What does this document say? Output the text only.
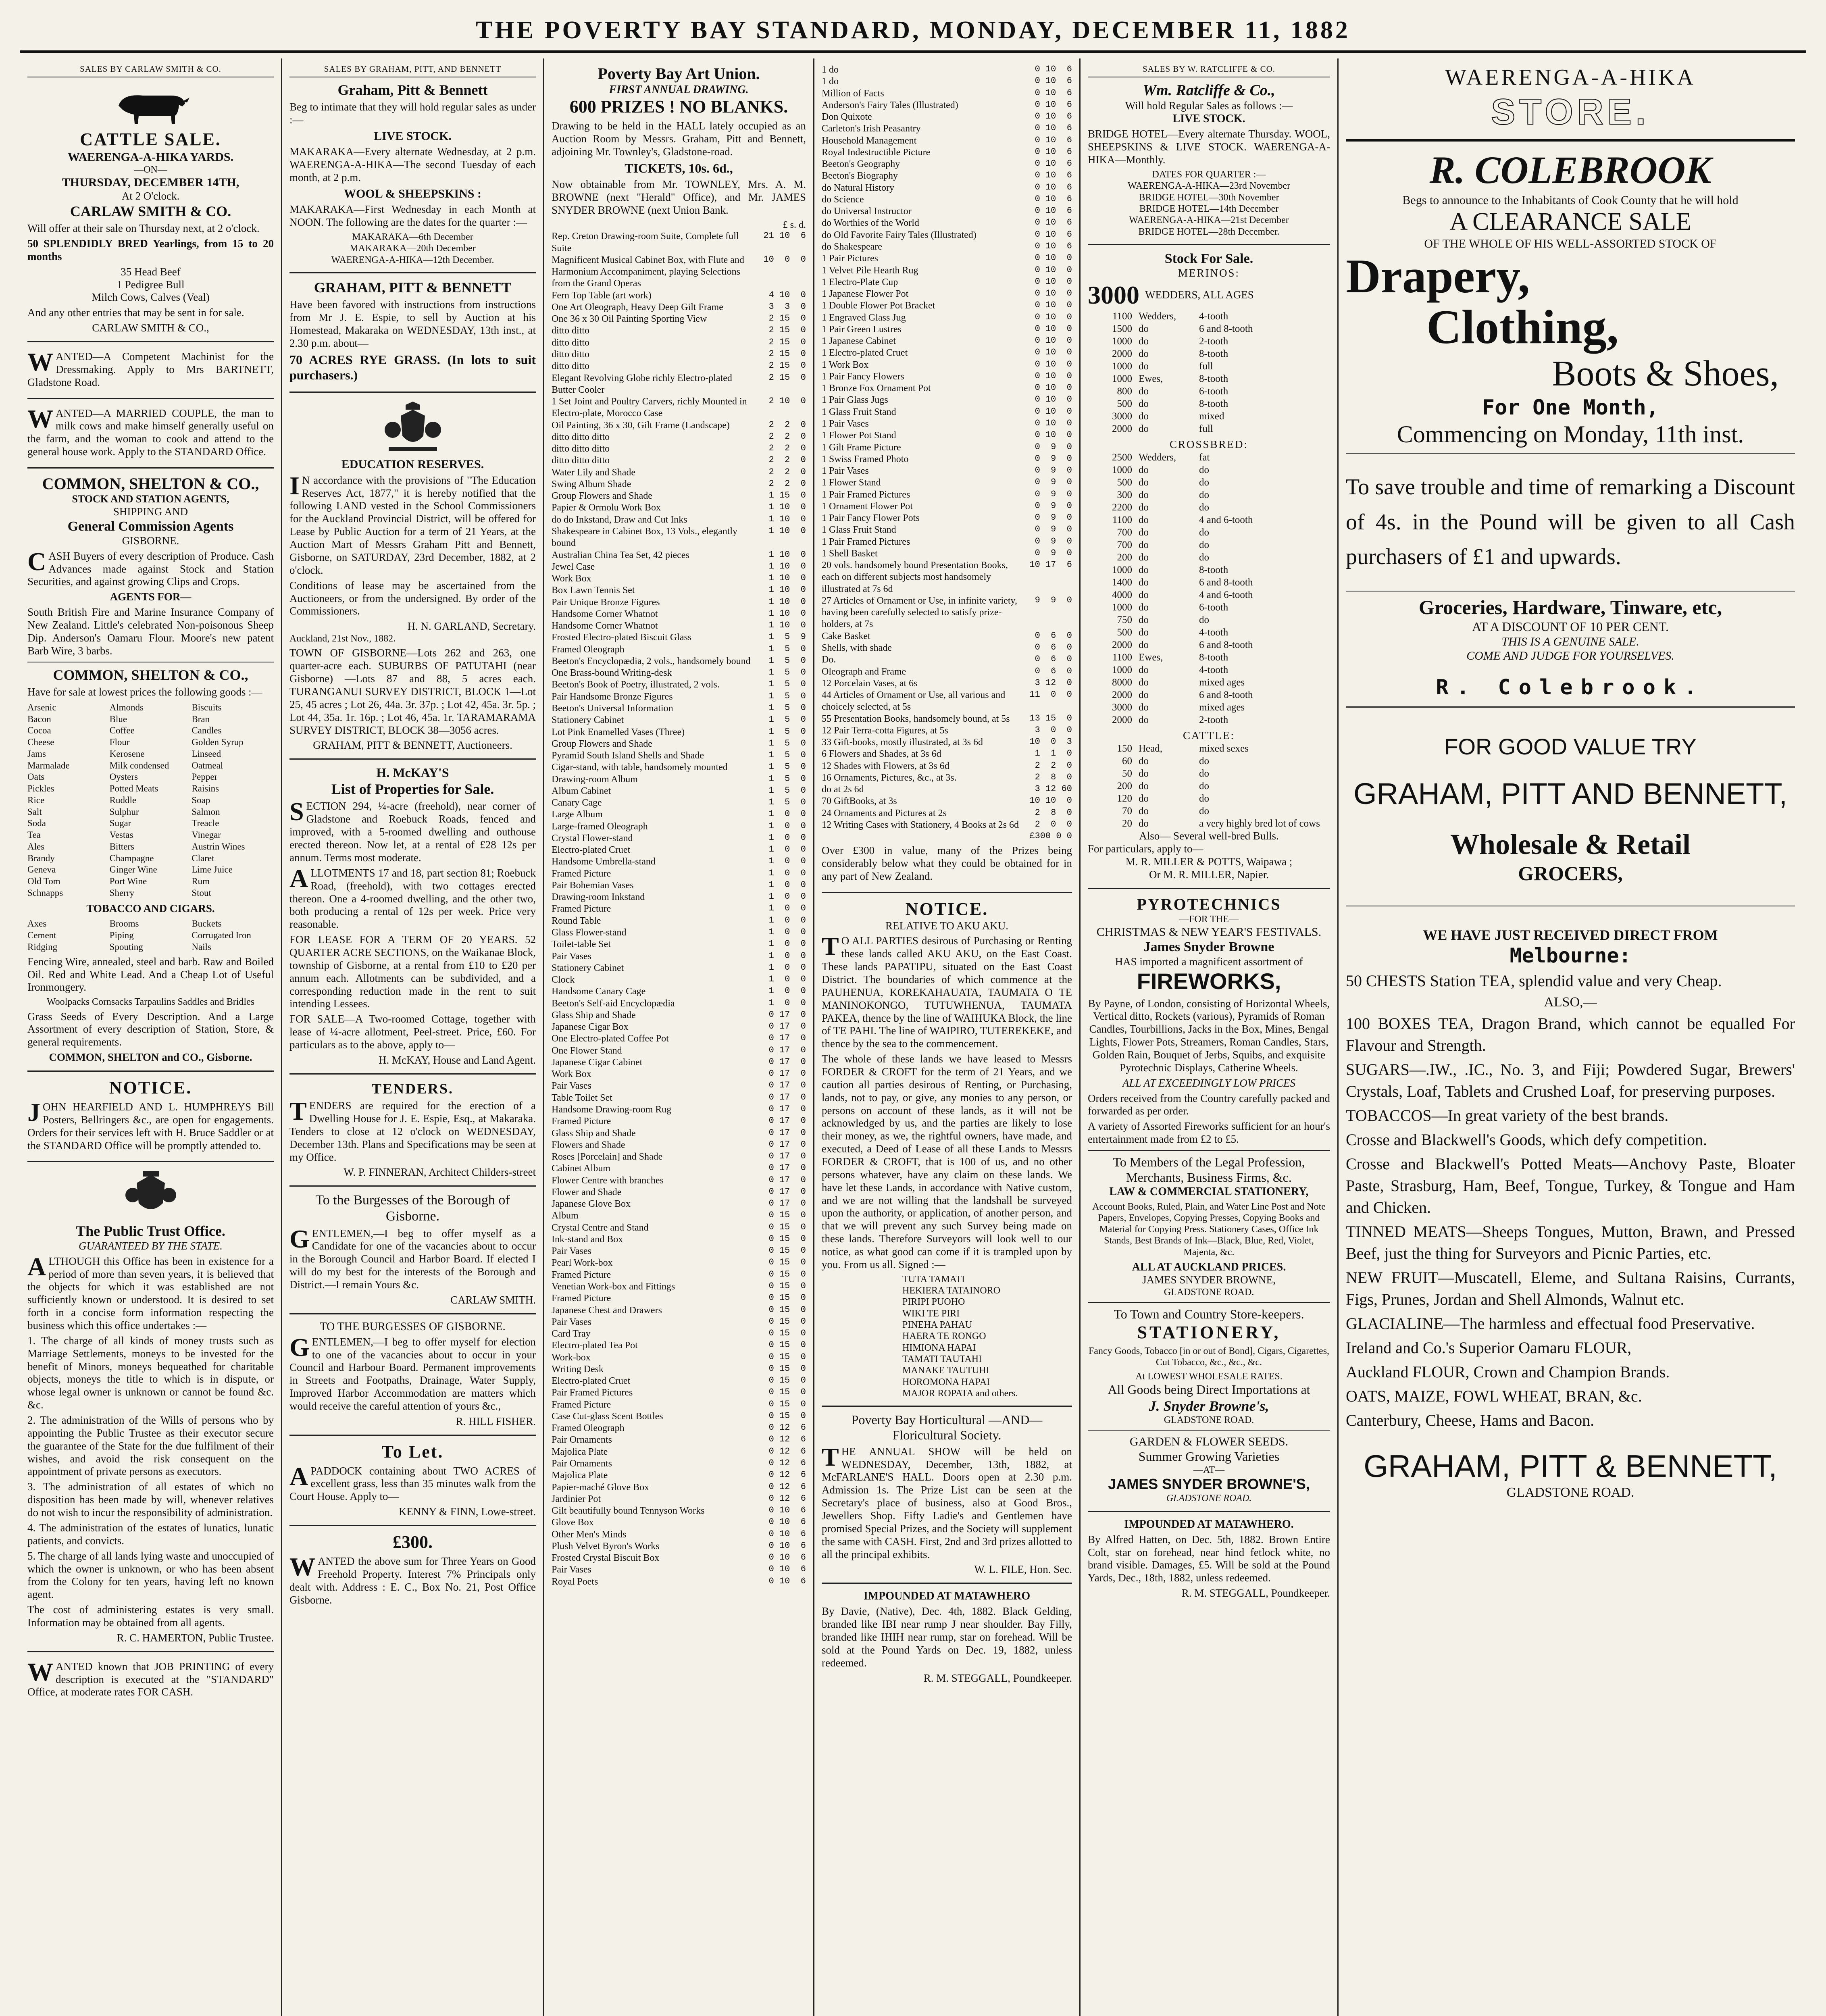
THE POVERTY BAY STANDARD, MONDAY, DECEMBER 11, 1882
SALES BY CARLAW SMITH & CO.
CATTLE SALE.
WAERENGA-A-HIKA YARDS.
—ON—
THURSDAY, DECEMBER 14TH,
At 2 O'clock.
CARLAW SMITH & CO.

Will offer at their sale on Thursday next, at 2 o'clock.

50 SPLENDIDLY BRED Yearlings, from 15 to 20 months

35 Head Beef
1 Pedigree Bull
Milch Cows, Calves (Veal)

And any other entries that may be sent in for sale.

CARLAW SMITH & CO.,

WANTED—A Competent Machinist for the Dressmaking. Apply to Mrs BARTNETT, Gladstone Road.

WANTED—A MARRIED COUPLE, the man to milk cows and make himself generally useful on the farm, and the woman to cook and attend to the general house work. Apply to the STANDARD Office.

COMMON, SHELTON & CO.,
STOCK AND STATION AGENTS,
SHIPPING AND
General Commission Agents
GISBORNE.

CASH Buyers of every description of Produce. Cash Advances made against Stock and Station Securities, and against growing Clips and Crops.

AGENTS FOR—

South British Fire and Marine Insurance Company of New Zealand. Little's celebrated Non-poisonous Sheep Dip. Anderson's Oamaru Flour. Moore's new patent Barb Wire, 3 barbs.

COMMON, SHELTON & CO.,

Have for sale at lowest prices the following goods :—

Arsenic	Almonds	Biscuits
Bacon	Blue	Bran
Cocoa	Coffee	Candles
Cheese	Flour	Golden Syrup
Jams	Kerosene	Linseed
Marmalade	Milk condensed	Oatmeal
Oats	Oysters	Pepper
Pickles	Potted Meats	Raisins
Rice	Ruddle	Soap
Salt	Sulphur	Salmon
Soda	Sugar	Treacle
Tea	Vestas	Vinegar
Ales	Bitters	Austrin Wines
Brandy	Champagne	Claret
Geneva	Ginger Wine	Lime Juice
Old Tom	Port Wine	Rum
Schnapps	Sherry	Stout
TOBACCO AND CIGARS.
Axes	Brooms	Buckets
Cement	Piping	Corrugated Iron
Ridging	Spouting	Nails

Fencing Wire, annealed, steel and barb. Raw and Boiled Oil. Red and White Lead. And a Cheap Lot of Useful Ironmongery.

Woolpacks Cornsacks Tarpaulins Saddles and Bridles

Grass Seeds of Every Description. And a Large Assortment of every description of Station, Store, & general requirements.

COMMON, SHELTON and CO., Gisborne.
NOTICE.

JOHN HEARFIELD AND L. HUMPHREYS Bill Posters, Bellringers &c., are open for engagements. Orders for their services left with H. Bruce Saddler or at the STANDARD Office will be promptly attended to.

The Public Trust Office.
GUARANTEED BY THE STATE.

ALTHOUGH this Office has been in existence for a period of more than seven years, it is believed that the objects for which it was established are not sufficiently known or understood. It is desired to set forth in a concise form information respecting the business which this office undertakes :—

1. The charge of all kinds of money trusts such as Marriage Settlements, moneys to be invested for the benefit of Minors, moneys bequeathed for charitable objects, moneys the title to which is in dispute, or whose legal owner is unknown or cannot be found &c. &c.

2. The administration of the Wills of persons who by appointing the Public Trustee as their executor secure the guarantee of the State for the due fulfilment of their wishes, and avoid the risk consequent on the appointment of private persons as executors.

3. The administration of all estates of which no disposition has been made by will, whenever relatives do not wish to incur the responsibility of administration.

4. The administration of the estates of lunatics, lunatic patients, and convicts.

5. The charge of all lands lying waste and unoccupied of which the owner is unknown, or who has been absent from the Colony for ten years, having left no known agent.

The cost of administering estates is very small. Information may be obtained from all agents.

R. C. HAMERTON, Public Trustee.

WANTED known that JOB PRINTING of every description is executed at the "STANDARD" Office, at moderate rates FOR CASH.

SALES BY GRAHAM, PITT, AND BENNETT
Graham, Pitt & Bennett

Beg to intimate that they will hold regular sales as under :—

LIVE STOCK.

MAKARAKA—Every alternate Wednesday, at 2 p.m. WAERENGA-A-HIKA—The second Tuesday of each month, at 2 p.m.

WOOL & SHEEPSKINS :

MAKARAKA—First Wednesday in each Month at NOON. The following are the dates for the quarter :—

MAKARAKA—6th December
MAKARAKA—20th December
WAERENGA-A-HIKA—12th December.
GRAHAM, PITT & BENNETT

Have been favored with instructions from instructions from Mr J. E. Espie, to sell by Auction at his Homestead, Makaraka on WEDNESDAY, 13th inst., at 2.30 p.m. about—

70 ACRES RYE GRASS. (In lots to suit purchasers.)

EDUCATION RESERVES.

IN accordance with the provisions of "The Education Reserves Act, 1877," it is hereby notified that the following LAND vested in the School Commissioners for the Auckland Provincial District, will be offered for Lease by Public Auction for a term of 21 Years, at the Auction Mart of Messrs Graham Pitt and Bennett, Gisborne, on SATURDAY, 23rd December, 1882, at 2 o'clock.

Conditions of lease may be ascertained from the Auctioneers, or from the undersigned. By order of the Commissioners.

H. N. GARLAND, Secretary.
Auckland, 21st Nov., 1882.

TOWN OF GISBORNE—Lots 262 and 263, one quarter-acre each. SUBURBS OF PATUTAHI (near Gisborne) —Lots 87 and 88, 5 acres each. TURANGANUI SURVEY DISTRICT, BLOCK 1—Lot 25, 45 acres ; Lot 26, 44a. 3r. 37p. ; Lot 42, 45a. 3r. 5p. ; Lot 44, 35a. 1r. 16p. ; Lot 46, 45a. 1r. TARAMARAMA SURVEY DISTRICT, BLOCK 38—3056 acres.

GRAHAM, PITT & BENNETT, Auctioneers.
H. McKAY'S
List of Properties for Sale.

SECTION 294, ¼-acre (freehold), near corner of Gladstone and Roebuck Roads, fenced and improved, with a 5-roomed dwelling and outhouse erected thereon. Now let, at a rental of £28 12s per annum. Terms most moderate.

ALLOTMENTS 17 and 18, part section 81; Roebuck Road, (freehold), with two cottages erected thereon. One a 4-roomed dwelling, and the other two, both producing a rental of 12s per week. Price very reasonable.

FOR LEASE FOR A TERM OF 20 YEARS. 52 QUARTER ACRE SECTIONS, on the Waikanae Block, township of Gisborne, at a rental from £10 to £20 per annum each. Allotments can be subdivided, and a corresponding reduction made in the rent to suit intending Lessees.

FOR SALE—A Two-roomed Cottage, together with lease of ¼-acre allotment, Peel-street. Price, £60. For particulars as to the above, apply to—

H. McKAY, House and Land Agent.
TENDERS.

TENDERS are required for the erection of a Dwelling House for J. E. Espie, Esq., at Makaraka. Tenders to close at 12 o'clock on WEDNESDAY, December 13th. Plans and Specifications may be seen at my Office.

W. P. FINNERAN, Architect Childers-street
To the Burgesses of the Borough of Gisborne.

GENTLEMEN,—I beg to offer myself as a Candidate for one of the vacancies about to occur in the Borough Council and Harbor Board. If elected I will do my best for the interests of the Borough and District.—I remain Yours &c.

CARLAW SMITH.
TO THE BURGESSES OF GISBORNE.

GENTLEMEN,—I beg to offer myself for election to one of the vacancies about to occur in your Council and Harbour Board. Permanent improvements in Streets and Footpaths, Drainage, Water Supply, Improved Harbor Accommodation are matters which would receive the careful attention of yours &c.,

R. HILL FISHER.
To Let.

APADDOCK containing about TWO ACRES of excellent grass, less than 35 minutes walk from the Court House. Apply to—

KENNY & FINN, Lowe-street.
£300.

WANTED the above sum for Three Years on Good Freehold Property. Interest 7% Principals only dealt with. Address : E. C., Box No. 21, Post Office Gisborne.

Poverty Bay Art Union.
FIRST ANNUAL DRAWING.
600 PRIZES ! NO BLANKS.

Drawing to be held in the HALL lately occupied as an Auction Room by Messrs. Graham, Pitt and Bennett, adjoining Mr. Townley's, Gladstone-road.

TICKETS, 10s. 6d.,

Now obtainable from Mr. TOWNLEY, Mrs. A. M. BROWNE (next "Herald" Office), and Mr. JAMES SNYDER BROWNE (next Union Bank.

£ s. d.
Rep. Creton Drawing-room Suite, Complete full Suite
21 10  6
Magnificent Musical Cabinet Box, with Flute and Harmonium Accompaniment, playing Selections from the Grand Operas
10  0  0
Fern Top Table (art work)	4 10  0
One Art Oleograph, Heavy Deep Gilt Frame	3  3  0
One 36 x 30 Oil Painting Sporting View	2 15  0
ditto ditto	2 15  0
ditto ditto	2 15  0
ditto ditto	2 15  0
ditto ditto	2 15  0
Elegant Revolving Globe richly Electro-plated Butter Cooler
2 15  0
1 Set Joint and Poultry Carvers, richly Mounted in Electro-plate, Morocco Case
2 10  0
Oil Painting, 36 x 30, Gilt Frame (Landscape)	2  2  0
ditto ditto ditto	2  2  0
ditto ditto ditto	2  2  0
ditto ditto ditto	2  2  0
Water Lily and Shade	2  2  0
Swing Album Shade	2  2  0
Group Flowers and Shade	1 15  0
Papier & Ormolu Work Box	1 10  0
do do Inkstand, Draw and Cut Inks	1 10  0
Shakespeare in Cabinet Box, 13 Vols., elegantly bound
1 10  0
Australian China Tea Set, 42 pieces	1 10  0
Jewel Case	1 10  0
Work Box	1 10  0
Box Lawn Tennis Set	1 10  0
Pair Unique Bronze Figures	1 10  0
Handsome Corner Whatnot	1 10  0
Handsome Corner Whatnot	1 10  0
Frosted Electro-plated Biscuit Glass	1  5  9
Framed Oleograph	1  5  0
Beeton's Encyclopædia, 2 vols., handsomely bound	1  5  0
One Brass-bound Writing-desk	1  5  0
Beeton's Book of Poetry, illustrated, 2 vols.	1  5  0
Pair Handsome Bronze Figures	1  5  0
Beeton's Universal Information	1  5  0
Stationery Cabinet	1  5  0
Lot Pink Enamelled Vases (Three)	1  5  0
Group Flowers and Shade	1  5  0
Pyramid South Island Shells and Shade	1  5  0
Cigar-stand, with table, handsomely mounted	1  5  0
Drawing-room Album	1  5  0
Album Cabinet	1  5  0
Canary Cage	1  5  0
Large Album	1  0  0
Large-framed Oleograph	1  0  0
Crystal Flower-stand	1  0  0
Electro-plated Cruet	1  0  0
Handsome Umbrella-stand	1  0  0
Framed Picture	1  0  0
Pair Bohemian Vases	1  0  0
Drawing-room Inkstand	1  0  0
Framed Picture	1  0  0
Round Table	1  0  0
Glass Flower-stand	1  0  0
Toilet-table Set	1  0  0
Pair Vases	1  0  0
Stationery Cabinet	1  0  0
Clock	1  0  0
Handsome Canary Cage	1  0  0
Beeton's Self-aid Encyclopædia	1  0  0
Glass Ship and Shade	0 17  0
Japanese Cigar Box	0 17  0
One Electro-plated Coffee Pot	0 17  0
One Flower Stand	0 17  0
Japanese Cigar Cabinet	0 17  0
Work Box	0 17  0
Pair Vases	0 17  0
Table Toilet Set	0 17  0
Handsome Drawing-room Rug	0 17  0
Framed Picture	0 17  0
Glass Ship and Shade	0 17  0
Flowers and Shade	0 17  0
Roses [Porcelain] and Shade	0 17  0
Cabinet Album	0 17  0
Flower Centre with branches	0 17  0
Flower and Shade	0 17  0
Japanese Glove Box	0 17  0
Album	0 15  0
Crystal Centre and Stand	0 15  0
Ink-stand and Box	0 15  0
Pair Vases	0 15  0
Pearl Work-box	0 15  0
Framed Picture	0 15  0
Venetian Work-box and Fittings	0 15  0
Framed Picture	0 15  0
Japanese Chest and Drawers	0 15  0
Pair Vases	0 15  0
Card Tray	0 15  0
Electro-plated Tea Pot	0 15  0
Work-box	0 15  0
Writing Desk	0 15  0
Electro-plated Cruet	0 15  0
Pair Framed Pictures	0 15  0
Framed Picture	0 15  0
Case Cut-glass Scent Bottles	0 15  0
Framed Oleograph	0 12  6
Pair Ornaments	0 12  6
Majolica Plate	0 12  6
Pair Ornaments	0 12  6
Majolica Plate	0 12  6
Papier-maché Glove Box	0 12  6
Jardinier Pot	0 12  6
Gilt beautifully bound Tennyson Works	0 10  6
Glove Box	0 10  6
Other Men's Minds	0 10  6
Plush Velvet Byron's Works	0 10  6
Frosted Crystal Biscuit Box	0 10  6
Pair Vases	0 10  6
Royal Poets	0 10  6
1 do	0 10  6
1 do	0 10  6
Million of Facts	0 10  6
Anderson's Fairy Tales (Illustrated)	0 10  6
Don Quixote	0 10  6
Carleton's Irish Peasantry	0 10  6
Household Management	0 10  6
Royal Indestructible Picture	0 10  6
Beeton's Geography	0 10  6
Beeton's Biography	0 10  6
do Natural History	0 10  6
do Science	0 10  6
do Universal Instructor	0 10  6
do Worthies of the World	0 10  6
do Old Favorite Fairy Tales (Illustrated)	0 10  6
do Shakespeare	0 10  6
1 Pair Pictures	0 10  0
1 Velvet Pile Hearth Rug	0 10  0
1 Electro-Plate Cup	0 10  0
1 Japanese Flower Pot	0 10  0
1 Double Flower Pot Bracket	0 10  0
1 Engraved Glass Jug	0 10  0
1 Pair Green Lustres	0 10  0
1 Japanese Cabinet	0 10  0
1 Electro-plated Cruet	0 10  0
1 Work Box	0 10  0
1 Pair Fancy Flowers	0 10  0
1 Bronze Fox Ornament Pot	0 10  0
1 Pair Glass Jugs	0 10  0
1 Glass Fruit Stand	0 10  0
1 Pair Vases	0 10  0
1 Flower Pot Stand	0 10  0
1 Gilt Frame Picture	0  9  0
1 Swiss Framed Photo	0  9  0
1 Pair Vases	0  9  0
1 Flower Stand	0  9  0
1 Pair Framed Pictures	0  9  0
1 Ornament Flower Pot	0  9  0
1 Pair Fancy Flower Pots	0  9  0
1 Glass Fruit Stand	0  9  0
1 Pair Framed Pictures	0  9  0
1 Shell Basket	0  9  0
20 vols. handsomely bound Presentation Books, each on different subjects most handsomely illustrated at 7s 6d
10 17  6
27 Articles of Ornament or Use, in infinite variety, having been carefully selected to satisfy prize-holders, at 7s
9  9  0
Cake Basket	0  6  0
Shells, with shade	0  6  0
Do.	0  6  0
Oleograph and Frame	0  6  0
12 Porcelain Vases, at 6s	3 12  0
44 Articles of Ornament or Use, all various and choicely selected, at 5s
11  0  0
55 Presentation Books, handsomely bound, at 5s	13 15  0
12 Pair Terra-cotta Figures, at 5s	3  0  0
33 Gift-books, mostly illustrated, at 3s 6d	10  0  3
6 Flowers and Shades, at 3s 6d	1  1  0
12 Shades with Flowers, at 3s 6d	2  2  0
16 Ornaments, Pictures, &c., at 3s.	2  8  0
do at 2s 6d	3 12 60
70 GiftBooks, at 3s	10 10  0
24 Ornaments and Pictures at 2s	2  8  0
12 Writing Cases with Stationery, 4 Books at 2s 6d	2  0  0
£300 0 0

Over £300 in value, many of the Prizes being considerably below what they could be obtained for in any part of New Zealand.

NOTICE.
RELATIVE TO AKU AKU.

TO ALL PARTIES desirous of Purchasing or Renting these lands called AKU AKU, on the East Coast. These lands PAPATIPU, situated on the East Coast District. The boundaries of which commence at the PAUHENUA, KOREKAHAUATA, TAUMATA O TE MANINOKONGO, TUTUWHENUA, TAUMATA PAKEA, thence by the line of WAIHUKA Block, the line of TE PAHI. The line of WAIPIRO, TUTEREKEKE, and thence by the sea to the commencement.

The whole of these lands we have leased to Messrs FORDER & CROFT for the term of 21 Years, and we caution all parties desirous of Renting, or Purchasing, lands, not to pay, or give, any monies to any person, or persons on account of these lands, as it will not be acknowledged by us, and the parties are likely to lose their money, as we, the rightful owners, have made, and executed, a Deed of Lease of all these Lands to Messrs FORDER & CROFT, that is 100 of us, and no other persons whatever, have any claim on these lands. We have let these Lands, in accordance with Native custom, and we are not willing that the landshall be surveyed upon the authority, or application, of another person, and that we will prevent any such Survey being made on these lands. Therefore Surveyors will look well to our notice, as what good can come if it is trampled upon by you. From us all. Signed :—

TUTA TAMATI
HEKIERA TATAINORO
PIRIPI PUOHO
WIKI TE PIRI
PINEHA PAHAU
HAERA TE RONGO
HIMIONA HAPAI
TAMATI TAUTAHI
MANAKE TAUTUHI
HOROMONA HAPAI
MAJOR ROPATA and others.
Poverty Bay Horticultural —AND— Floricultural Society.

THE ANNUAL SHOW will be held on WEDNESDAY, December, 13th, 1882, at McFARLANE'S HALL. Doors open at 2.30 p.m. Admission 1s. The Prize List can be seen at the Secretary's place of business, also at Good Bros., Jewellers Shop. Fifty Ladie's and Gentlemen have promised Special Prizes, and the Society will supplement the same with CASH. First, 2nd and 3rd prizes allotted to all the principal exhibits.

W. L. FILE, Hon. Sec.
IMPOUNDED AT MATAWHERO

By Davie, (Native), Dec. 4th, 1882. Black Gelding, branded like IBI near rump J near shoulder. Bay Filly, branded like IHIH near rump, star on forehead. Will be sold at the Pound Yards on Dec. 19, 1882, unless redeemed.

R. M. STEGGALL, Poundkeeper.
SALES BY W. RATCLIFFE & CO.
Wm. Ratcliffe & Co.,
Will hold Regular Sales as follows :—
LIVE STOCK.

BRIDGE HOTEL—Every alternate Thursday. WOOL, SHEEPSKINS & LIVE STOCK. WAERENGA-A-HIKA—Monthly.

DATES FOR QUARTER :—
WAERENGA-A-HIKA—23rd November
BRIDGE HOTEL—30th November
BRIDGE HOTEL—14th December
WAERENGA-A-HIKA—21st December
BRIDGE HOTEL—28th December.
Stock For Sale.
MERINOS:
3000 WEDDERS, ALL AGES
1100 Wedders,	4-tooth
1500 do	6 and 8-tooth
1000 do	2-tooth
2000 do	8-tooth
1000 do	full
1000 Ewes,	8-tooth
800 do	6-tooth
500 do	8-tooth
3000 do	mixed
2000 do	full
CROSSBRED:
2500 Wedders,	fat
1000 do	do
500 do	do
300 do	do
2200 do	do
1100 do	4 and 6-tooth
700 do	do
700 do	do
200 do	do
1000 do	8-tooth
1400 do	6 and 8-tooth
4000 do	4 and 6-tooth
1000 do	6-tooth
750 do	do
500 do	4-tooth
2000 do	6 and 8-tooth
1100 Ewes,	8-tooth
1000 do	4-tooth
8000 do	mixed ages
2000 do	6 and 8-tooth
3000 do	mixed ages
2000 do	2-tooth
CATTLE:
150 Head,	mixed sexes
60 do	do
50 do	do
200 do	do
120 do	do
70 do	do
20 do	a very highly bred lot of cows
Also— Several well-bred Bulls.
For particulars, apply to—
M. R. MILLER & POTTS, Waipawa ;
Or M. R. MILLER, Napier.
PYROTECHNICS
—FOR THE—
CHRISTMAS & NEW YEAR'S FESTIVALS.
James Snyder Browne
HAS imported a magnificent assortment of
FIREWORKS,

By Payne, of London, consisting of Horizontal Wheels, Vertical ditto, Rockets (various), Pyramids of Roman Candles, Tourbillions, Jacks in the Box, Mines, Bengal Lights, Flower Pots, Streamers, Roman Candles, Stars, Golden Rain, Bouquet of Jerbs, Squibs, and exquisite Pyrotechnic Displays, Catherine Wheels.

ALL AT EXCEEDINGLY LOW PRICES

Orders received from the Country carefully packed and forwarded as per order.

A variety of Assorted Fireworks sufficient for an hour's entertainment made from £2 to £5.

To Members of the Legal Profession, Merchants, Business Firms, &c.
LAW & COMMERCIAL STATIONERY,

Account Books, Ruled, Plain, and Water Line Post and Note Papers, Envelopes, Copying Presses, Copying Books and Material for Copying Press. Stationery Cases, Office Ink Stands, Best Brands of Ink—Black, Blue, Red, Violet, Majenta, &c.

ALL AT AUCKLAND PRICES.
JAMES SNYDER BROWNE,
GLADSTONE ROAD.
To Town and Country Store-keepers.
STATIONERY,

Fancy Goods, Tobacco [in or out of Bond], Cigars, Cigarettes, Cut Tobacco, &c., &c., &c.

At LOWEST WHOLESALE RATES.
All Goods being Direct Importations at
J. Snyder Browne's,
GLADSTONE ROAD.
GARDEN & FLOWER SEEDS.
Summer Growing Varieties
—AT—
JAMES SNYDER BROWNE'S,
GLADSTONE ROAD.
IMPOUNDED AT MATAWHERO.

By Alfred Hatten, on Dec. 5th, 1882. Brown Entire Colt, star on forehead, near hind fetlock white, no brand visible. Damages, £5. Will be sold at the Pound Yards, Dec., 18th, 1882, unless redeemed.

R. M. STEGGALL, Poundkeeper.
WAERENGA-A-HIKA
STORE.
R. COLEBROOK
Begs to announce to the Inhabitants of Cook County that he will hold
A CLEARANCE SALE
OF THE WHOLE OF HIS WELL-ASSORTED STOCK OF
Drapery,
Clothing,
Boots & Shoes,
For One Month,
Commencing on Monday, 11th inst.

To save trouble and time of remarking a Discount of 4s. in the Pound will be given to all Cash purchasers of £1 and upwards.

Groceries, Hardware, Tinware, etc,
AT A DISCOUNT OF 10 PER CENT.
THIS IS A GENUINE SALE.
COME AND JUDGE FOR YOURSELVES.
R. Colebrook.
FOR GOOD VALUE TRY
GRAHAM, PITT AND BENNETT,
Wholesale & Retail
GROCERS,
WE HAVE JUST RECEIVED DIRECT FROM
Melbourne:

50 CHESTS Station TEA, splendid value and very Cheap.

ALSO,—

100 BOXES TEA, Dragon Brand, which cannot be equalled For Flavour and Strength.

SUGARS—.IW., .IC., No. 3, and Fiji; Powdered Sugar, Brewers' Crystals, Loaf, Tablets and Crushed Loaf, for preserving purposes.

TOBACCOS—In great variety of the best brands.

Crosse and Blackwell's Goods, which defy competition.

Crosse and Blackwell's Potted Meats—Anchovy Paste, Bloater Paste, Strasburg, Ham, Beef, Tongue, Turkey, & Tongue and Ham and Chicken.

TINNED MEATS—Sheeps Tongues, Mutton, Brawn, and Pressed Beef, just the thing for Surveyors and Picnic Parties, etc.

NEW FRUIT—Muscatell, Eleme, and Sultana Raisins, Currants, Figs, Prunes, Jordan and Shell Almonds, Walnut etc.

GLACIALINE—The harmless and effectual food Preservative.

Ireland and Co.'s Superior Oamaru FLOUR,

Auckland FLOUR, Crown and Champion Brands.

OATS, MAIZE, FOWL WHEAT, BRAN, &c.

Canterbury, Cheese, Hams and Bacon.

GRAHAM, PITT & BENNETT,
GLADSTONE ROAD.
